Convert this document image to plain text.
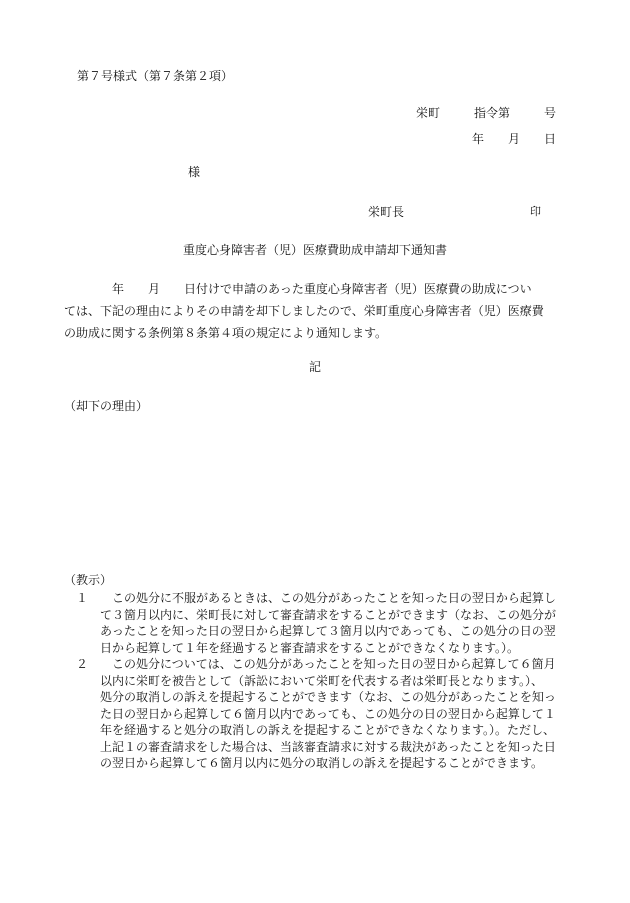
第７号様式（第７条第２項）
栄町	指令第	号
年 月 日
様
栄町長	印
重度心身障害者（児）医療費助成申請却下通知書
　　　　年　　月　　日付けで申請のあった重度心身障害者（児）医療費の助成につい
ては、下記の理由によりその申請を却下しましたので、栄町重度心身障害者（児）医療費
の助成に関する条例第８条第４項の規定により通知します。
記
（却下の理由）
（教示）
１	この処分に不服があるときは、この処分があったことを知った日の翌日から起算し
て３箇月以内に、栄町長に対して審査請求をすることができます（なお、この処分が
あったことを知った日の翌日から起算して３箇月以内であっても、この処分の日の翌
日から起算して１年を経過すると審査請求をすることができなくなります。）。
２	この処分については、この処分があったことを知った日の翌日から起算して６箇月
以内に栄町を被告として（訴訟において栄町を代表する者は栄町長となります。）、
処分の取消しの訴えを提起することができます（なお、この処分があったことを知っ
た日の翌日から起算して６箇月以内であっても、この処分の日の翌日から起算して１
年を経過すると処分の取消しの訴えを提起することができなくなります。）。ただし、
上記１の審査請求をした場合は、当該審査請求に対する裁決があったことを知った日
の翌日から起算して６箇月以内に処分の取消しの訴えを提起することができます。
